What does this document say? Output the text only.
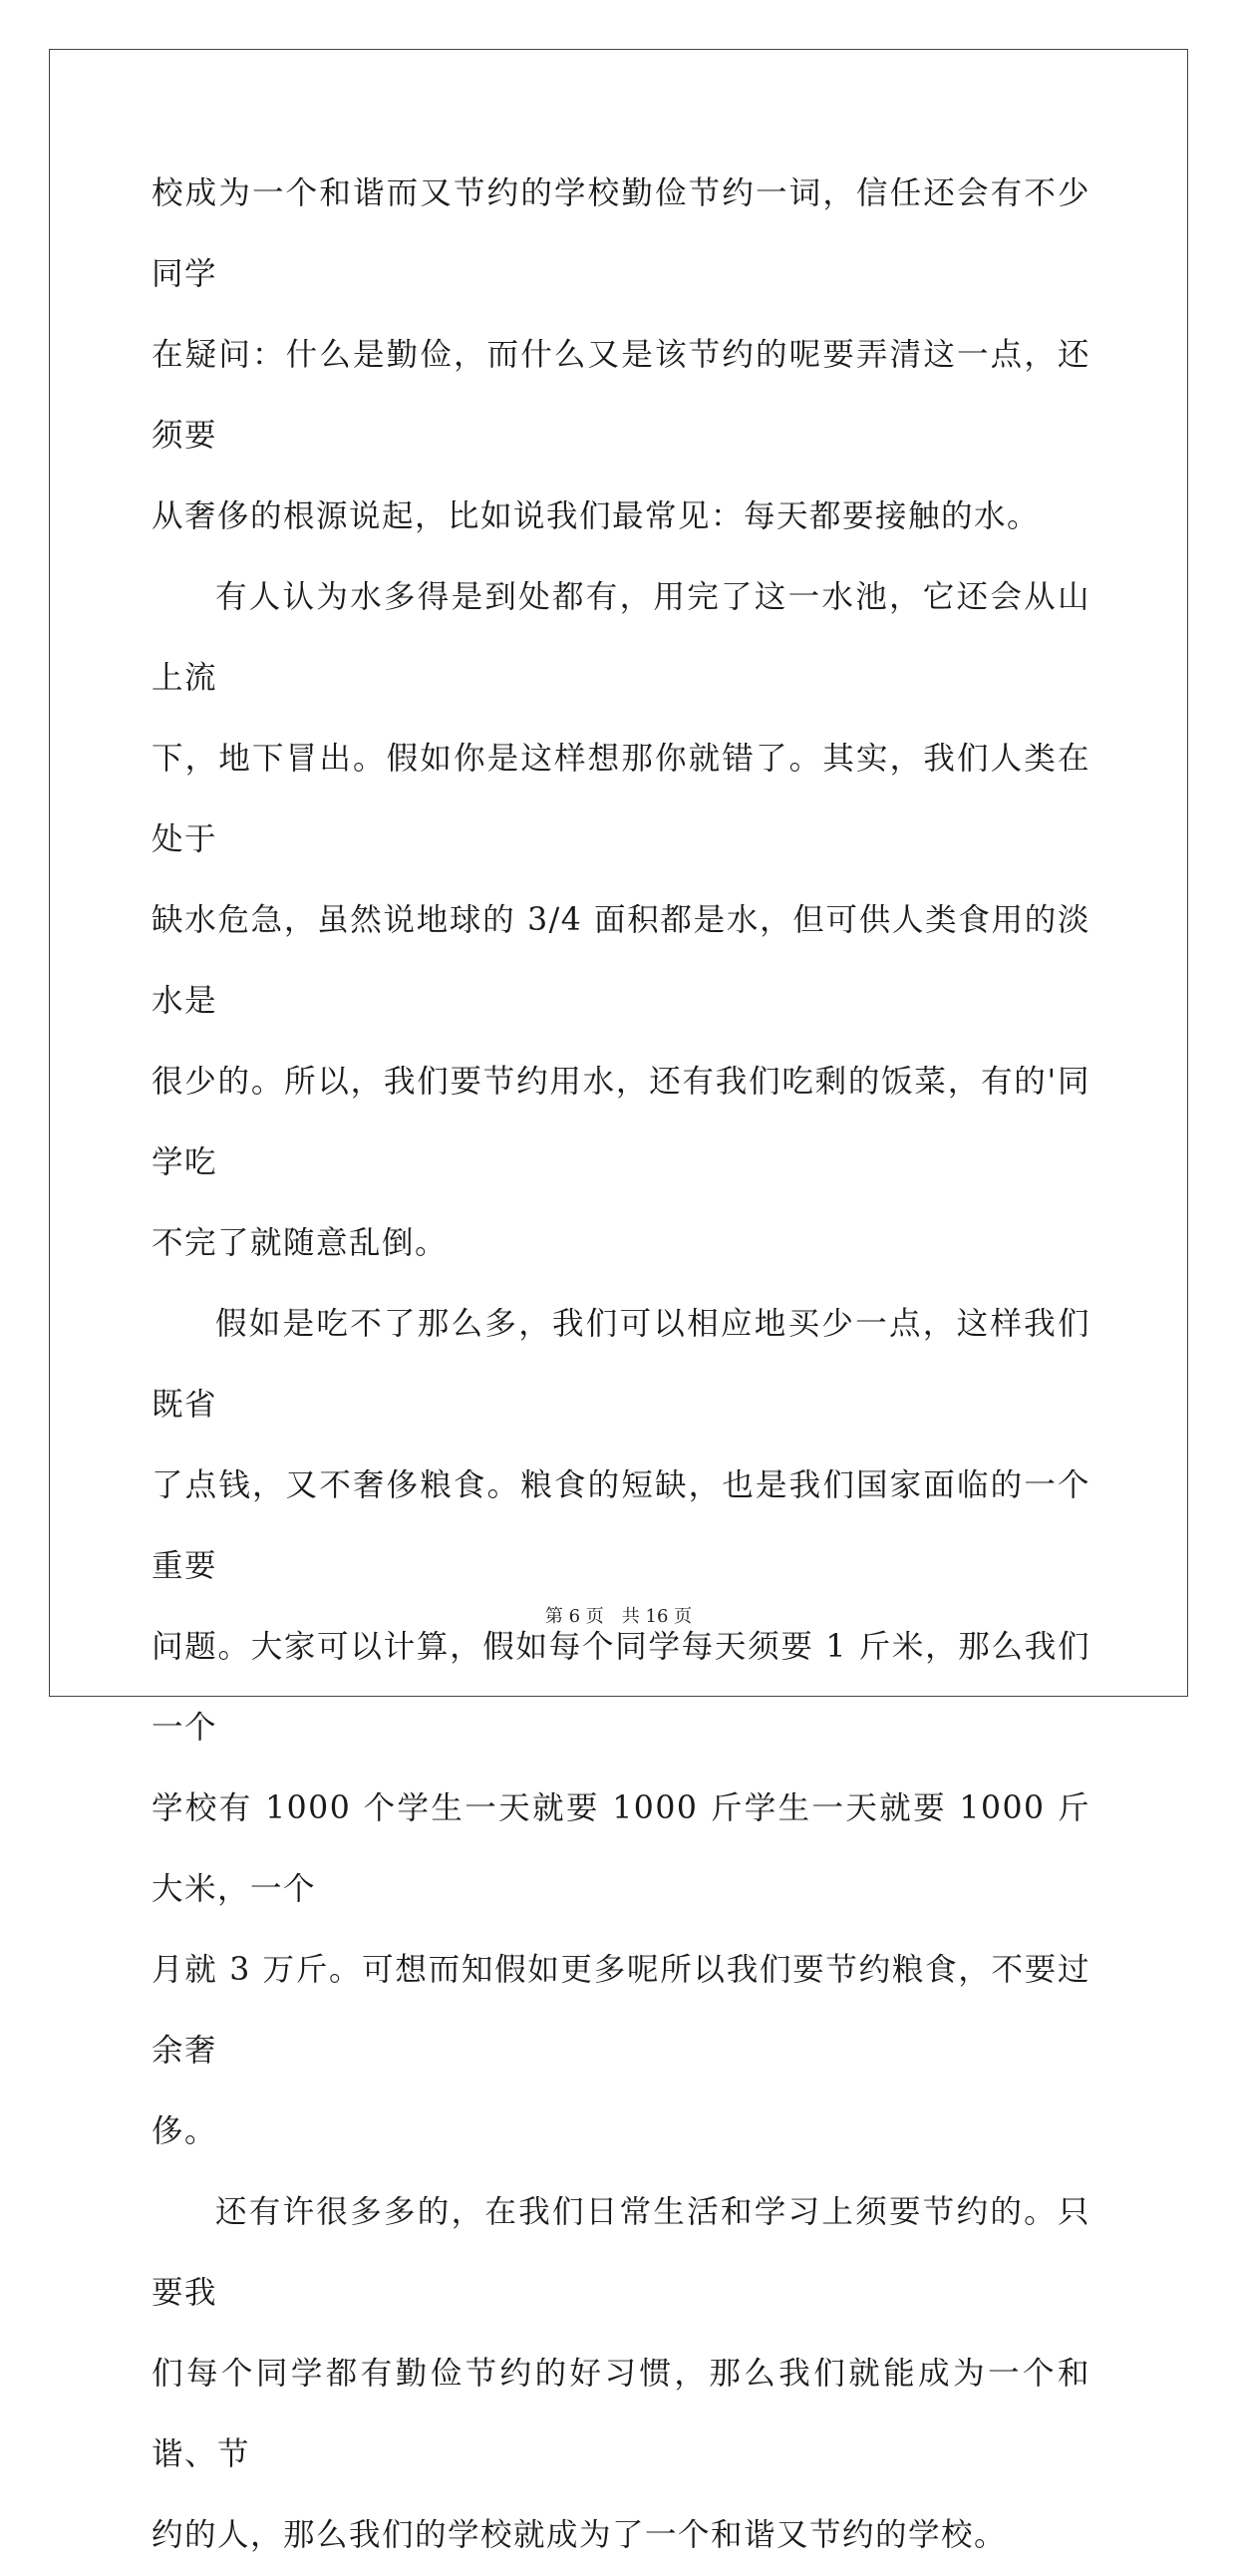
校成为一个和谐而又节约的学校勤俭节约一词，信任还会有不少同学
在疑问：什么是勤俭，而什么又是该节约的呢要弄清这一点，还须要
从奢侈的根源说起，比如说我们最常见：每天都要接触的水。

有人认为水多得是到处都有，用完了这一水池，它还会从山上流
下，地下冒出。假如你是这样想那你就错了。其实，我们人类在处于
缺水危急，虽然说地球的 3/4 面积都是水，但可供人类食用的淡水是
很少的。所以，我们要节约用水，还有我们吃剩的饭菜，有的'同学吃
不完了就随意乱倒。

假如是吃不了那么多，我们可以相应地买少一点，这样我们既省
了点钱，又不奢侈粮食。粮食的短缺，也是我们国家面临的一个重要
问题。大家可以计算，假如每个同学每天须要 1 斤米，那么我们一个
学校有 1000 个学生一天就要 1000 斤学生一天就要 1000 斤大米，一个
月就 3 万斤。可想而知假如更多呢所以我们要节约粮食，不要过余奢
侈。

还有许很多多的，在我们日常生活和学习上须要节约的。只要我
们每个同学都有勤俭节约的好习惯，那么我们就能成为一个和谐、节
约的人，那么我们的学校就成为了一个和谐又节约的学校。

第 6 页 共 16 页
